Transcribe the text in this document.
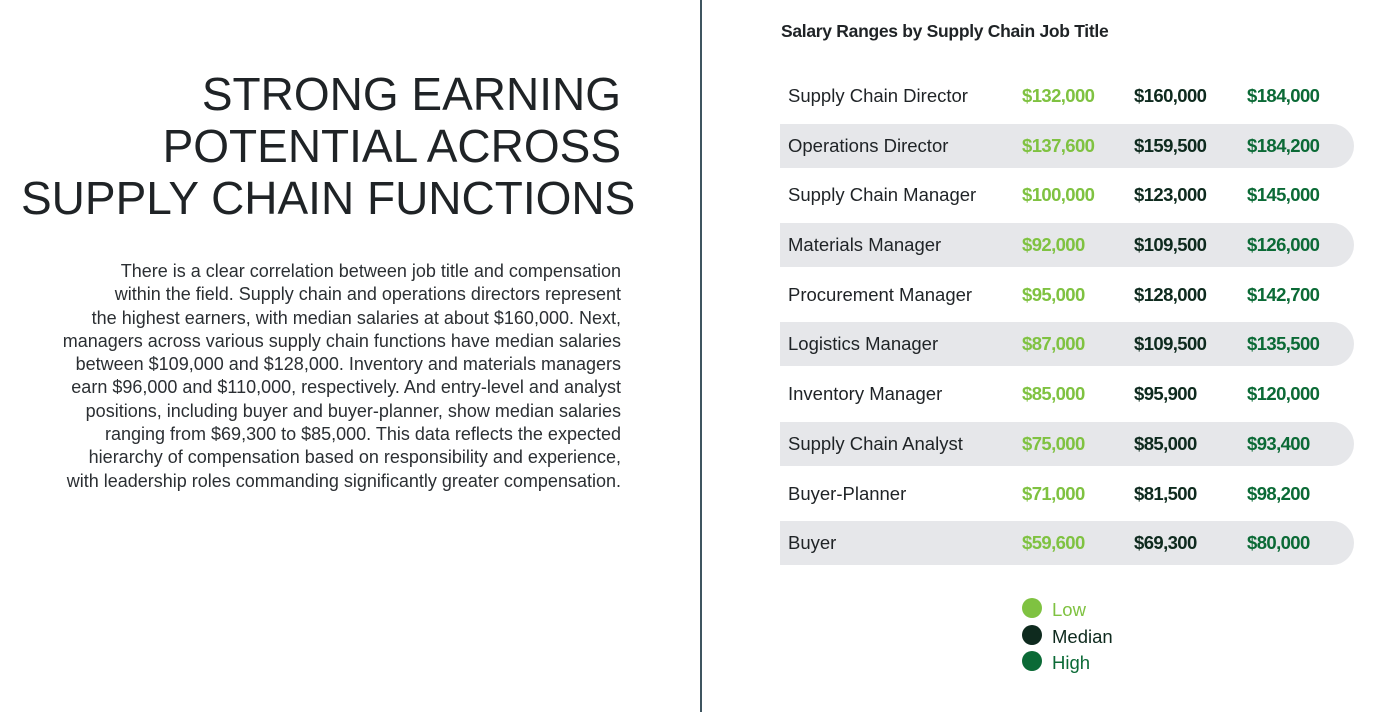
STRONG EARNING
POTENTIAL ACROSS
SUPPLY CHAIN FUNCTIONS

There is a clear correlation between job title and compensation
within the field. Supply chain and operations directors represent
the highest earners, with median salaries at about $160,000. Next,
managers across various supply chain functions have median salaries
between $109,000 and $128,000. Inventory and materials managers
earn $96,000 and $110,000, respectively. And entry-level and analyst
positions, including buyer and buyer-planner, show median salaries
ranging from $69,300 to $85,000. This data reflects the expected
hierarchy of compensation based on responsibility and experience,
with leadership roles commanding significantly greater compensation.

Salary Ranges by Supply Chain Job Title
Supply Chain Director	$132,000 $160,000 $184,000
Operations Director	$137,600 $159,500 $184,200
Supply Chain Manager $100,000 $123,000 $145,000
Materials Manager	$92,000	$109,500 $126,000
Procurement Manager	$95,000	$128,000 $142,700
Logistics Manager	$87,000	$109,500 $135,500
Inventory Manager	$85,000	$95,900	$120,000
Supply Chain Analyst	$75,000	$85,000	$93,400
Buyer-Planner	$71,000	$81,500	$98,200
Buyer	$59,600	$69,300	$80,000
Low
Median
High
